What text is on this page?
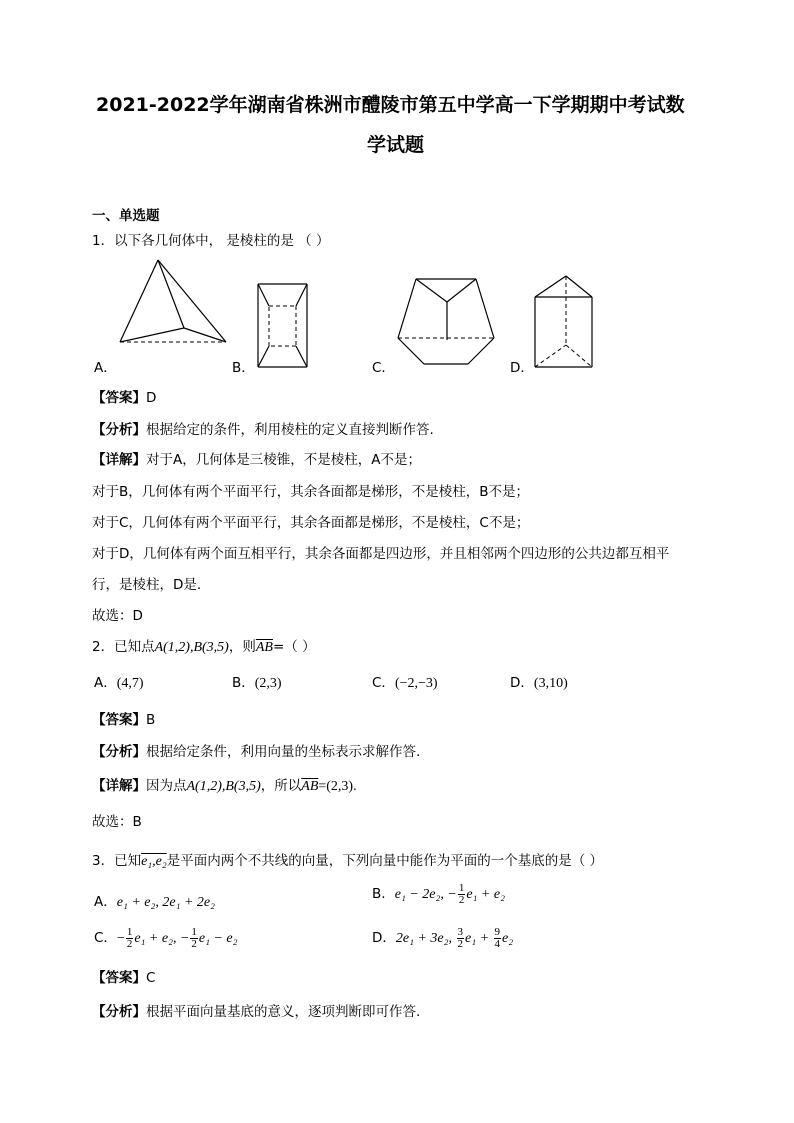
2021-2022学年湖南省株洲市醴陵市第五中学高一下学期期中考试数
学试题
一、单选题
1．以下各几何体中， 是棱柱的是 （ ）
A．	B．	C．	D．
【答案】D
【分析】根据给定的条件，利用棱柱的定义直接判断作答.
【详解】对于A，几何体是三棱锥，不是棱柱，A不是；
对于B，几何体有两个平面平行，其余各面都是梯形，不是棱柱，B不是；
对于C，几何体有两个平面平行，其余各面都是梯形，不是棱柱，C不是；
对于D，几何体有两个面互相平行，其余各面都是四边形，并且相邻两个四边形的公共边都互相平
行，是棱柱，D是.
故选：D
2．已知点A(1,2),B(3,5)，则$\overline{AB}=$（ ）
A．(4,7)	B．(2,3)	C．(−2,−3)	D．(3,10)
【答案】B
【分析】根据给定条件，利用向量的坐标表示求解作答.
【详解】因为点A(1,2),B(3,5)，所以$\overline{AB}=(2,3)$.
故选：B
3．已知e₁,e₂是平面内两个不共线的向量，下列向量中能作为平面的一个基底的是（ ）
A．e₁ + e₂, 2e₁ + 2e₂
B．e₁ − 2e₂, − $\frac{1}{2} e_1 + e_2$
C．− $\frac{1}{2} e_1 + e_2$, − $\frac{1}{2} e_1 - e_2$	D．2e₁ + 3e₂, $\frac{3}{2} e_1 + \frac{9}{4} e_2$
【答案】C
【分析】根据平面向量基底的意义，逐项判断即可作答.
